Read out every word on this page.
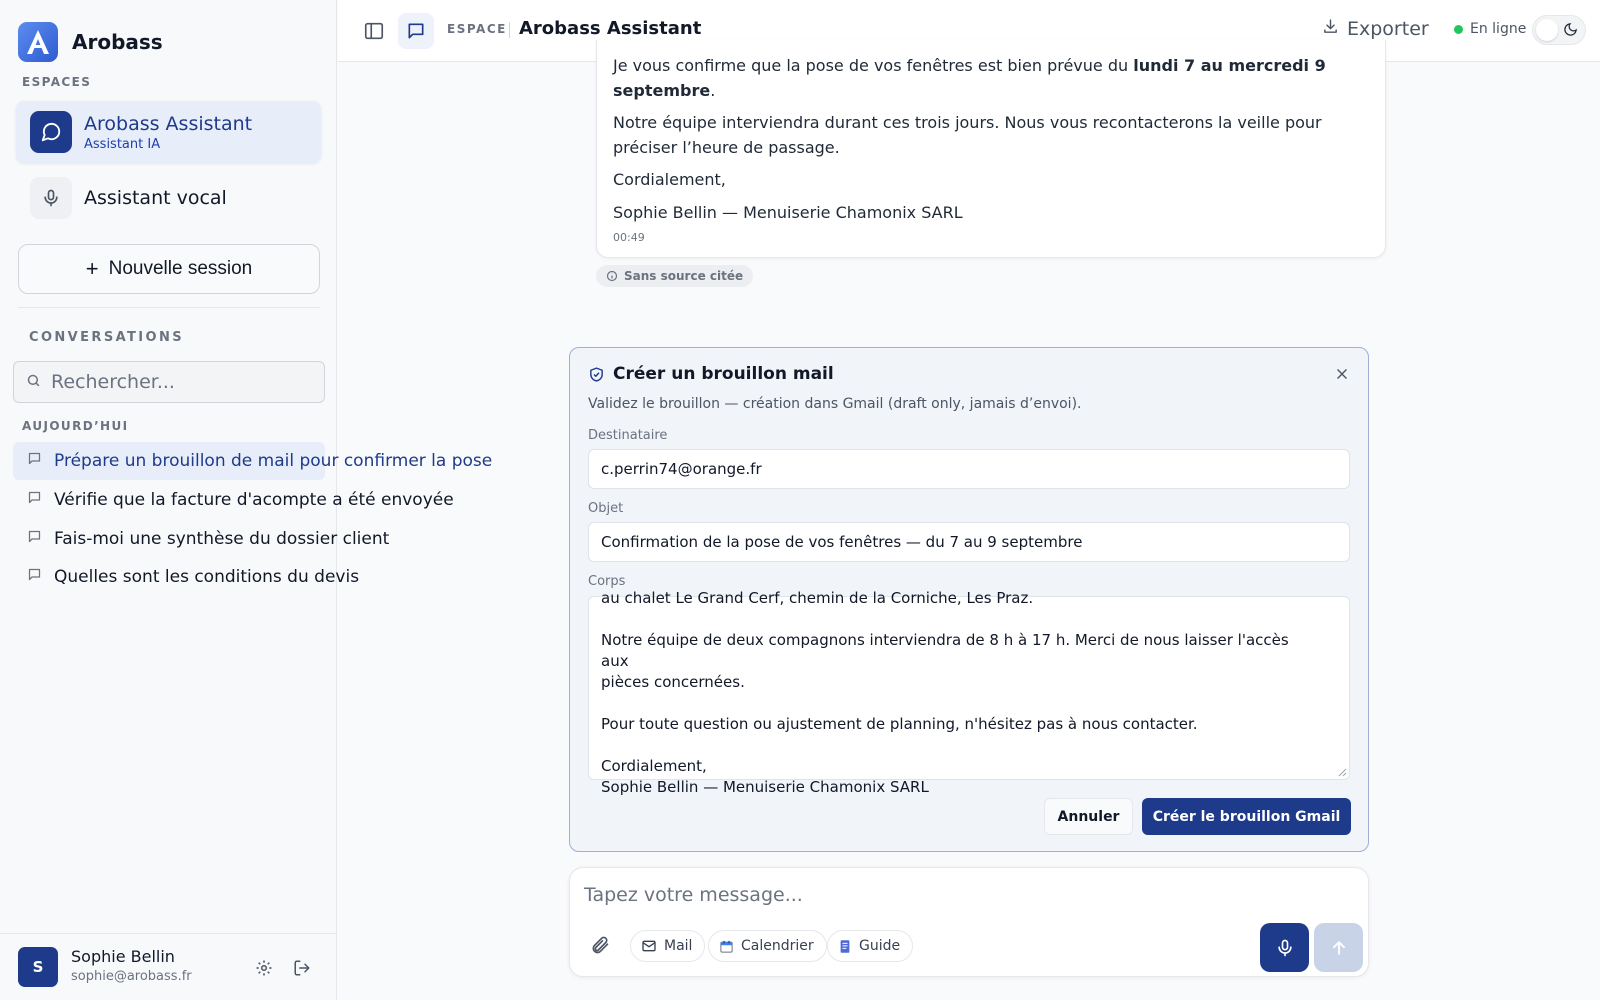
Arobass
ESPACES
Arobass Assistant
Assistant IA
Assistant vocal
+ Nouvelle session
CONVERSATIONS
Rechercher...
AUJOURD’HUI
Prépare un brouillon de mail pour confirmer la pose
Vérifie que la facture d'acompte a été envoyée
Fais-moi une synthèse du dossier client
Quelles sont les conditions du devis
S
Sophie Bellin
sophie@arobass.fr
ESPACE Arobass Assistant	Exporter	En ligne
Je vous confirme que la pose de vos fenêtres est bien prévue du lundi 7 au mercredi 9 septembre.
Notre équipe interviendra durant ces trois jours. Nous vous recontacterons la veille pour préciser l’heure de passage.
Cordialement,
Sophie Bellin — Menuiserie Chamonix SARL
00:49
Sans source citée
Créer un brouillon mail
Validez le brouillon — création dans Gmail (draft only, jamais d’envoi).
Destinataire
c.perrin74@orange.fr
Objet
Confirmation de la pose de vos fenêtres — du 7 au 9 septembre
Corps
au chalet Le Grand Cerf, chemin de la Corniche, Les Praz.

Notre équipe de deux compagnons interviendra de 8 h à 17 h. Merci de nous laisser l'accès aux
pièces concernées.

Pour toute question ou ajustement de planning, n'hésitez pas à nous contacter.

Cordialement,
Sophie Bellin — Menuiserie Chamonix SARL
Annuler	Créer le brouillon Gmail
Tapez votre message...
Mail	Calendrier	Guide
